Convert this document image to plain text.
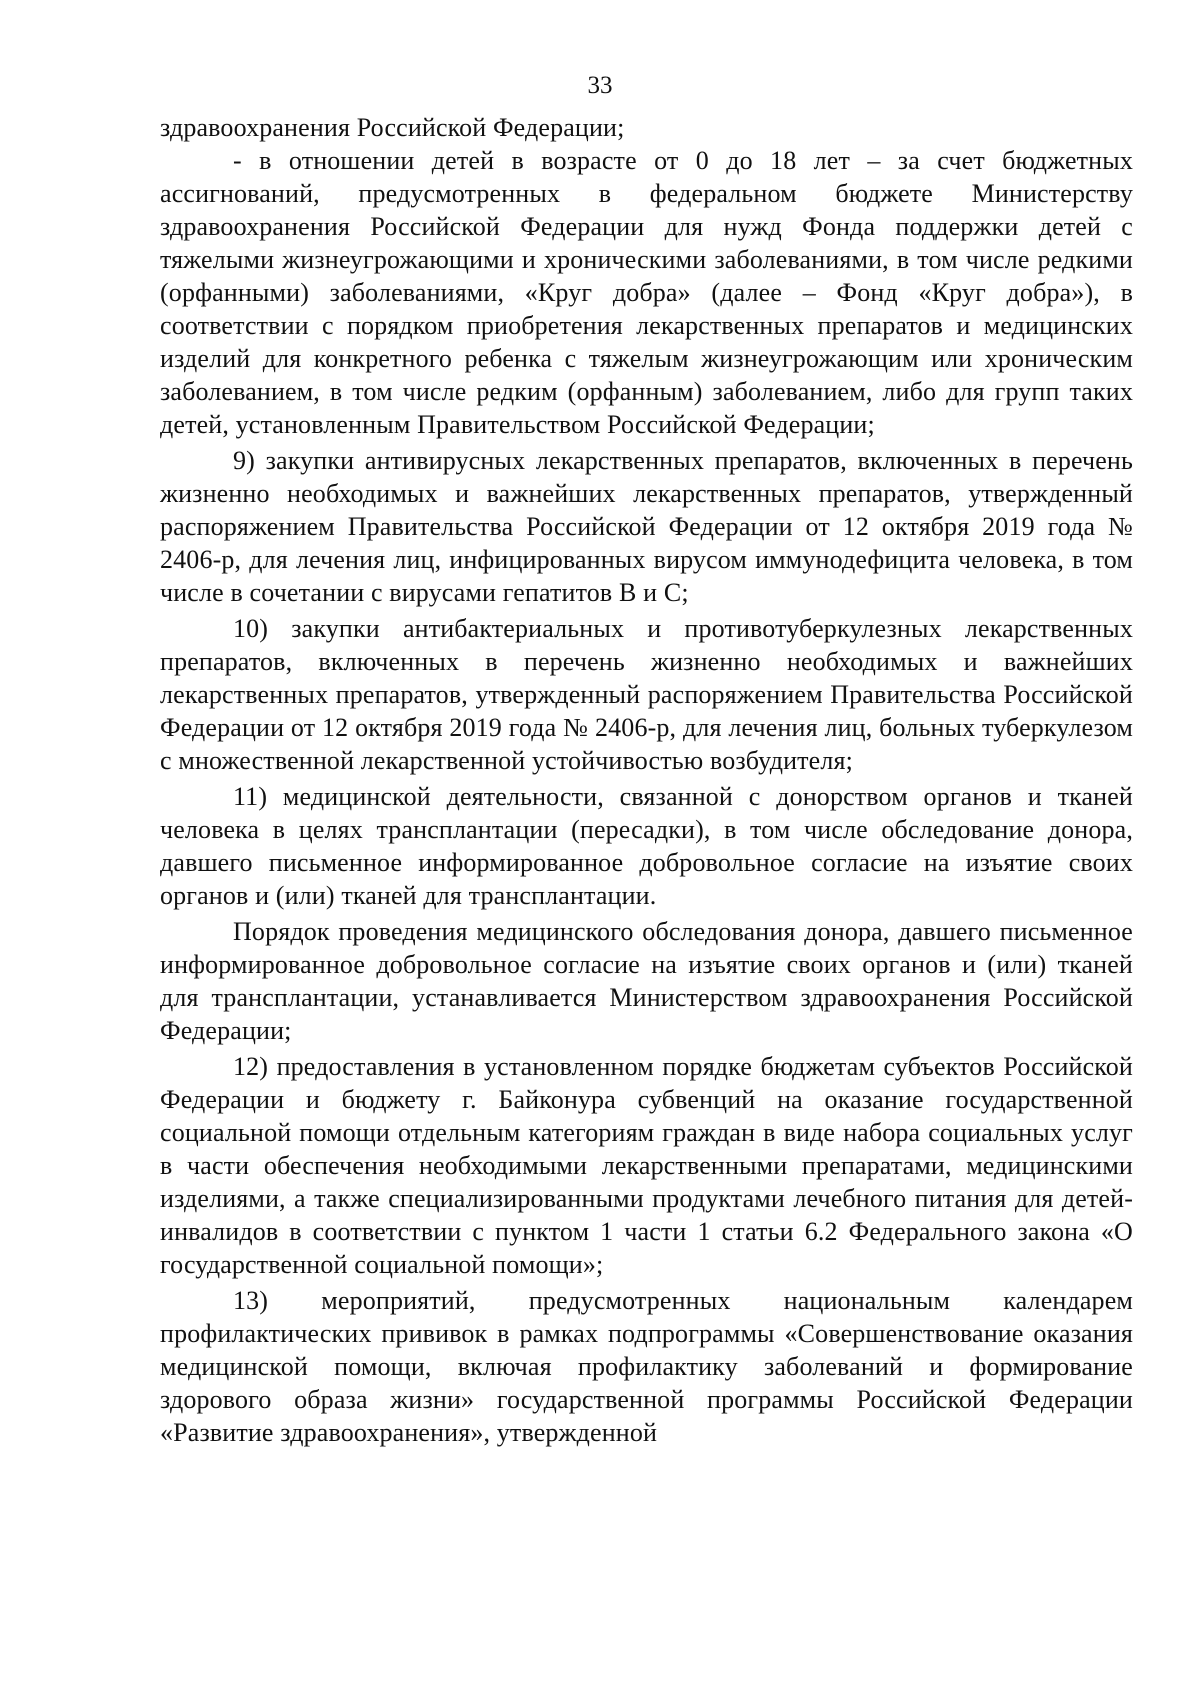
33

здравоохранения Российской Федерации;

- в отношении детей в возрасте от 0 до 18 лет – за счет бюджетных ассигнований, предусмотренных в федеральном бюджете Министерству здравоохранения Российской Федерации для нужд Фонда поддержки детей с тяжелыми жизнеугрожающими и хроническими заболеваниями, в том числе редкими (орфанными) заболеваниями, «Круг добра» (далее – Фонд «Круг добра»), в соответствии с порядком приобретения лекарственных препаратов и медицинских изделий для конкретного ребенка с тяжелым жизнеугрожающим или хроническим заболеванием, в том числе редким (орфанным) заболеванием, либо для групп таких детей, установленным Правительством Российской Федерации;

9) закупки антивирусных лекарственных препаратов, включенных в перечень жизненно необходимых и важнейших лекарственных препаратов, утвержденный распоряжением Правительства Российской Федерации от 12 октября 2019 года № 2406-р, для лечения лиц, инфицированных вирусом иммунодефицита человека, в том числе в сочетании с вирусами гепатитов B и C;

10) закупки антибактериальных и противотуберкулезных лекарственных препаратов, включенных в перечень жизненно необходимых и важнейших лекарственных препаратов, утвержденный распоряжением Правительства Российской Федерации от 12 октября 2019 года № 2406-р, для лечения лиц, больных туберкулезом с множественной лекарственной устойчивостью возбудителя;

11) медицинской деятельности, связанной с донорством органов и тканей человека в целях трансплантации (пересадки), в том числе обследование донора, давшего письменное информированное добровольное согласие на изъятие своих органов и (или) тканей для трансплантации.

Порядок проведения медицинского обследования донора, давшего письменное информированное добровольное согласие на изъятие своих органов и (или) тканей для трансплантации, устанавливается Министерством здравоохранения Российской Федерации;

12) предоставления в установленном порядке бюджетам субъектов Российской Федерации и бюджету г. Байконура субвенций на оказание государственной социальной помощи отдельным категориям граждан в виде набора социальных услуг в части обеспечения необходимыми лекарственными препаратами, медицинскими изделиями, а также специализированными продуктами лечебного питания для детей-инвалидов в соответствии с пунктом 1 части 1 статьи 6.2 Федерального закона «О государственной социальной помощи»;

13) мероприятий, предусмотренных национальным календарем профилактических прививок в рамках подпрограммы «Совершенствование оказания медицинской помощи, включая профилактику заболеваний и формирование здорового образа жизни» государственной программы Российской Федерации «Развитие здравоохранения», утвержденной
